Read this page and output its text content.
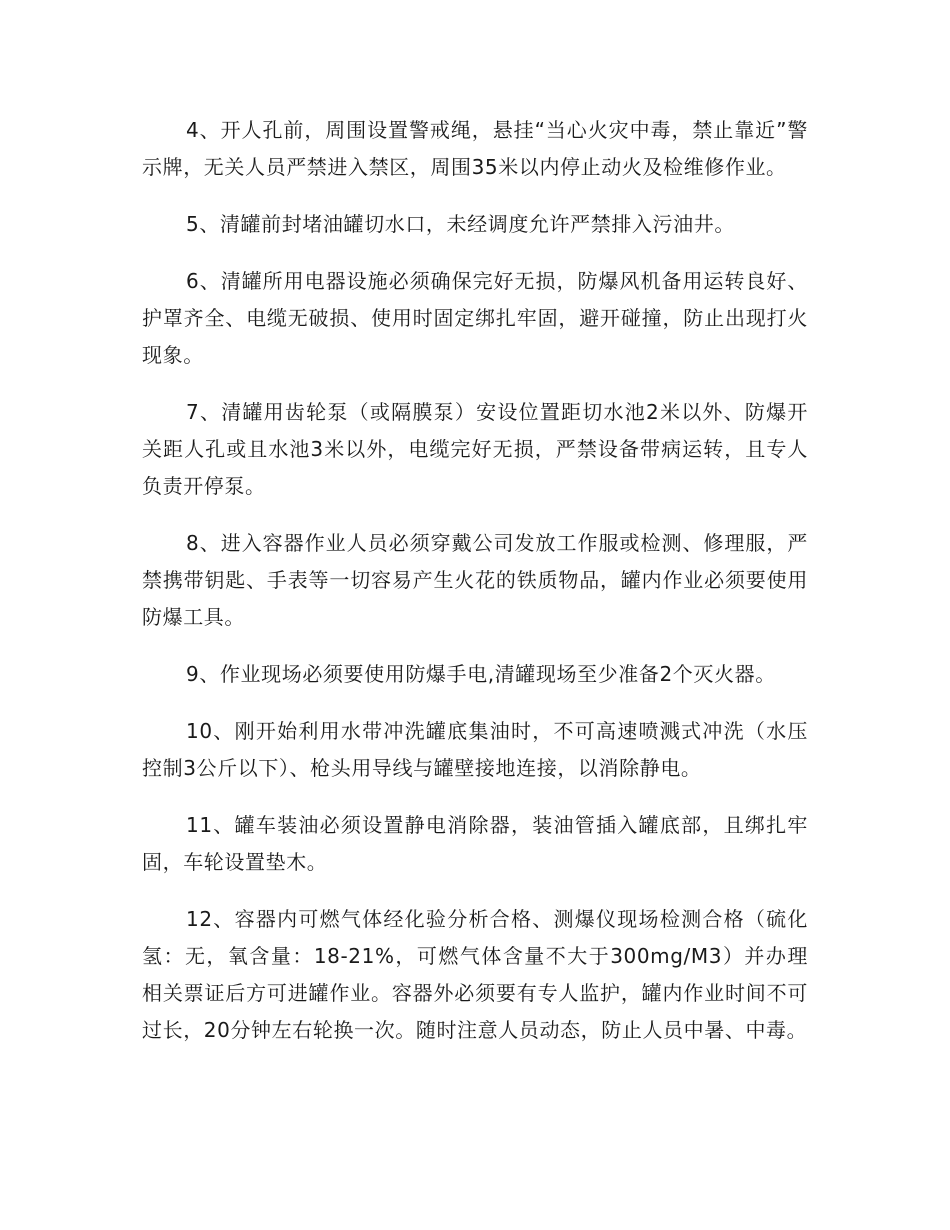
4、开人孔前，周围设置警戒绳，悬挂“当心火灾中毒，禁止靠近”警示牌，无关人员严禁进入禁区，周围35米以内停止动火及检维修作业。

5、清罐前封堵油罐切水口，未经调度允许严禁排入污油井。

6、清罐所用电器设施必须确保完好无损，防爆风机备用运转良好、护罩齐全、电缆无破损、使用时固定绑扎牢固，避开碰撞，防止出现打火现象。

7、清罐用齿轮泵（或隔膜泵）安设位置距切水池2米以外、防爆开关距人孔或且水池3米以外，电缆完好无损，严禁设备带病运转，且专人负责开停泵。

8、进入容器作业人员必须穿戴公司发放工作服或检测、修理服，严禁携带钥匙、手表等一切容易产生火花的铁质物品，罐内作业必须要使用防爆工具。

9、作业现场必须要使用防爆手电,清罐现场至少准备2个灭火器。

10、刚开始利用水带冲洗罐底集油时，不可高速喷溅式冲洗（水压控制3公斤以下）、枪头用导线与罐壁接地连接，以消除静电。

11、罐车装油必须设置静电消除器，装油管插入罐底部，且绑扎牢固，车轮设置垫木。

12、容器内可燃气体经化验分析合格、测爆仪现场检测合格（硫化氢：无，氧含量：18-21%，可燃气体含量不大于300mg/M3）并办理相关票证后方可进罐作业。容器外必须要有专人监护，罐内作业时间不可过长，20分钟左右轮换一次。随时注意人员动态，防止人员中暑、中毒。
